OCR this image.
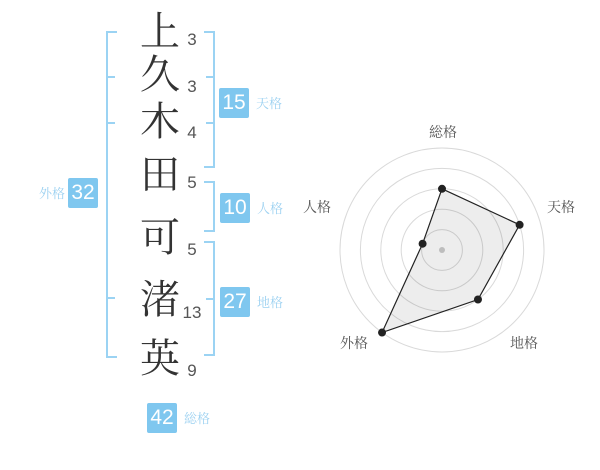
上
久
木
田
可
渚
英
3
3
4
5
5
13
9
15 天格
10 人格
27 地格
外格 32
42 総格
総格
天格
地格
外格
人格
